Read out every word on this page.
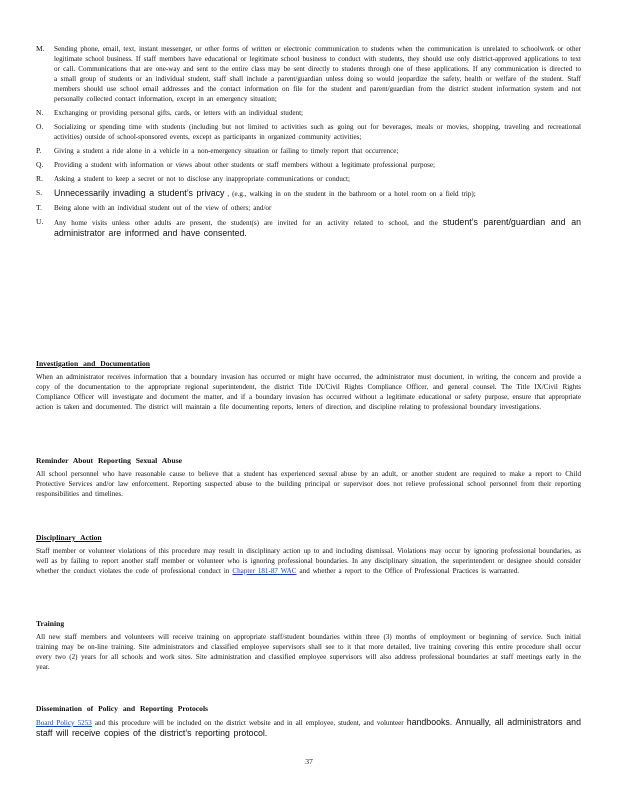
M.	Sending phone, email, text, instant messenger, or other forms of written or electronic communication to students when the communication is unrelated to schoolwork or other legitimate school business. If staff members have educational or legitimate school business to conduct with students, they should use only district-approved applications to text or call. Communications that are one-way and sent to the entire class may be sent directly to students through one of these applications. If any communication is directed to a small group of students or an individual student, staff shall include a parent/guardian unless doing so would jeopardize the safety, health or welfare of the student. Staff members should use school email addresses and the contact information on file for the student and parent/guardian from the district student information system and not personally collected contact information, except in an emergency situation;
N.	Exchanging or providing personal gifts, cards, or letters with an individual student;
O.	Socializing or spending time with students (including but not limited to activities such as going out for beverages, meals or movies, shopping, traveling and recreational activities) outside of school-sponsored events, except as participants in organized community activities;
P.	Giving a student a ride alone in a vehicle in a non-emergency situation or failing to timely report that occurrence;
Q.	Providing a student with information or views about other students or staff members without a legitimate professional purpose;
R.	Asking a student to keep a secret or not to disclose any inappropriate communications or conduct;
S.	Unnecessarily invading a student’s privacy , (e.g., walking in on the student in the bathroom or a hotel room on a field trip);
T.	Being alone with an individual student out of the view of others; and/or
U.	Any home visits unless other adults are present, the student(s) are invited for an activity related to school, and the student’s parent/guardian and an administrator are informed and have consented.
Investigation and Documentation
When an administrator receives information that a boundary invasion has occurred or might have occurred, the administrator must document, in writing, the concern and provide a copy of the documentation to the appropriate regional superintendent, the district Title IX/Civil Rights Compliance Officer, and general counsel. The Title IX/Civil Rights Compliance Officer will investigate and document the matter, and if a boundary invasion has occurred without a legitimate educational or safety purpose, ensure that appropriate action is taken and documented. The district will maintain a file documenting reports, letters of direction, and discipline relating to professional boundary investigations.
Reminder About Reporting Sexual Abuse
All school personnel who have reasonable cause to believe that a student has experienced sexual abuse by an adult, or another student are required to make a report to Child Protective Services and/or law enforcement. Reporting suspected abuse to the building principal or supervisor does not relieve professional school personnel from their reporting responsibilities and timelines.
Disciplinary Action
Staff member or volunteer violations of this procedure may result in disciplinary action up to and including dismissal. Violations may occur by ignoring professional boundaries, as well as by failing to report another staff member or volunteer who is ignoring professional boundaries. In any disciplinary situation, the superintendent or designee should consider whether the conduct violates the code of professional conduct in Chapter 181-87 WAC and whether a report to the Office of Professional Practices is warranted.
Training
All new staff members and volunteers will receive training on appropriate staff/student boundaries within three (3) months of employment or beginning of service. Such initial training may be on-line training. Site administrators and classified employee supervisors shall see to it that more detailed, live training covering this entire procedure shall occur every two (2) years for all schools and work sites. Site administration and classified employee supervisors will also address professional boundaries at staff meetings early in the year.
Dissemination of Policy and Reporting Protocols
Board Policy 5253 and this procedure will be included on the district website and in all employee, student, and volunteer handbooks. Annually, all administrators and staff will receive copies of the district’s reporting protocol.
37
